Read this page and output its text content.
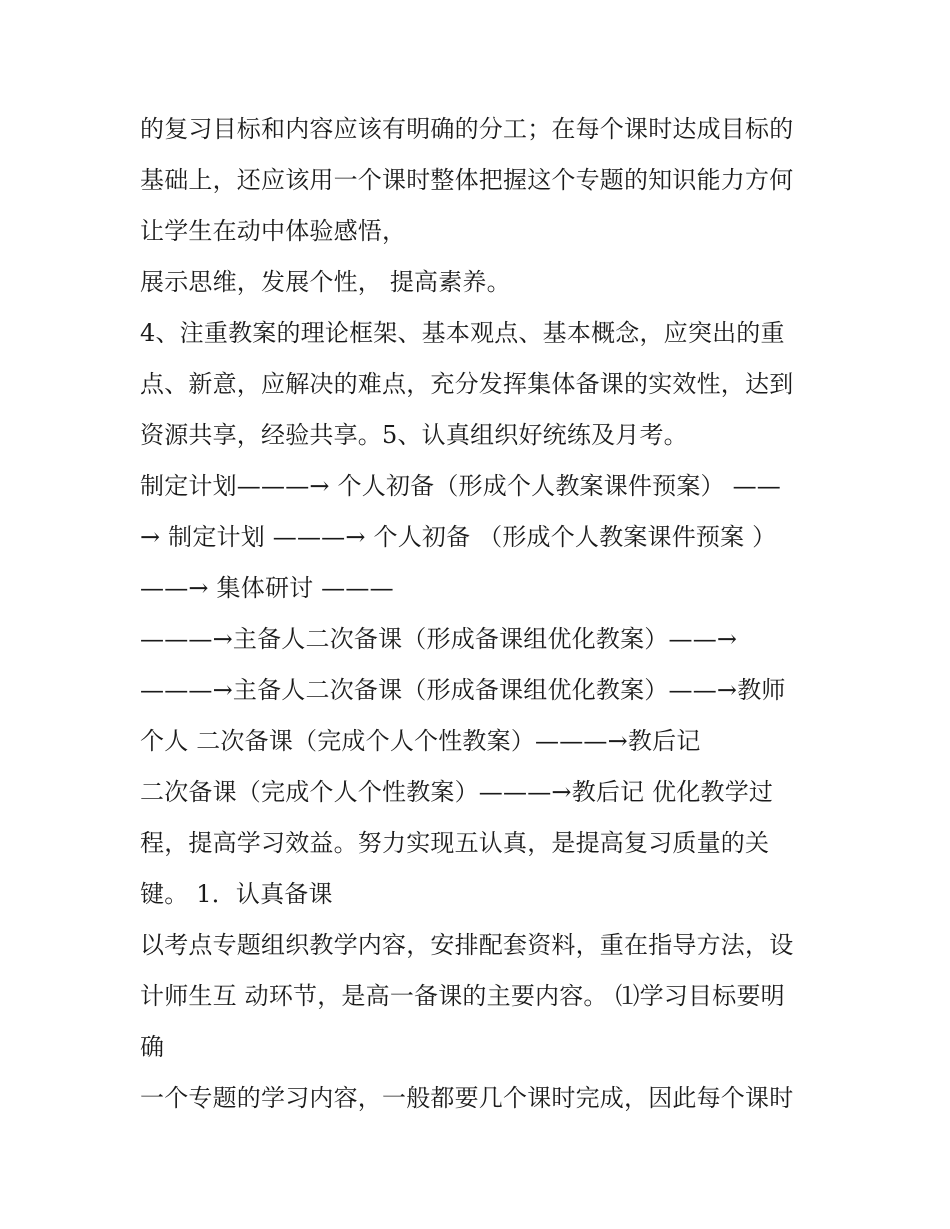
的复习目标和内容应该有明确的分工；在每个课时达成目标的
基础上，还应该用一个课时整体把握这个专题的知识能力方何
让学生在动中体验感悟，
展示思维，发展个性， 提高素养。
4、注重教案的理论框架、基本观点、基本概念，应突出的重
点、新意，应解决的难点，充分发挥集体备课的实效性，达到
资源共享，经验共享。5、认真组织好统练及月考。
制定计划———→ 个人初备（形成个人教案课件预案） ——
→ 制定计划 ———→ 个人初备 （形成个人教案课件预案 ）
——→ 集体研讨 ———
———→主备人二次备课（形成备课组优化教案）——→
———→主备人二次备课（形成备课组优化教案）——→教师
个人 二次备课（完成个人个性教案）———→教后记
二次备课（完成个人个性教案）———→教后记 优化教学过
程，提高学习效益。努力实现五认真，是提高复习质量的关
键。 1．认真备课
以考点专题组织教学内容，安排配套资料，重在指导方法，设
计师生互 动环节，是高一备课的主要内容。 ⑴学习目标要明
确
一个专题的学习内容，一般都要几个课时完成，因此每个课时
